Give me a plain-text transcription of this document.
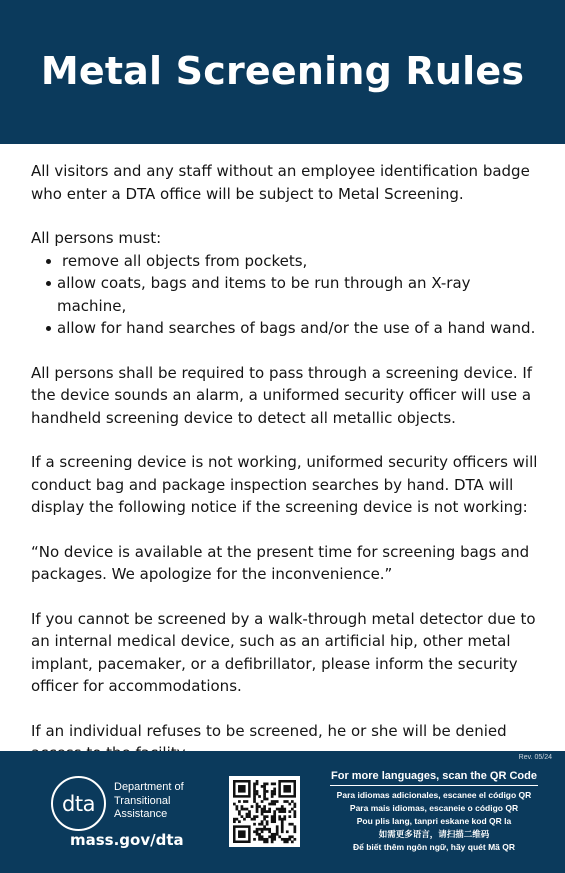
Metal Screening Rules

All visitors and any staff without an employee identification badge who enter a DTA office will be subject to Metal Screening.

All persons must:

remove all objects from pockets,
allow coats, bags and items to be run through an X-ray machine,
allow for hand searches of bags and/or the use of a hand wand.

All persons shall be required to pass through a screening device. If the device sounds an alarm, a uniformed security officer will use a handheld screening device to detect all metallic objects.

If a screening device is not working, uniformed security officers will conduct bag and package inspection searches by hand. DTA will display the following notice if the screening device is not working:

“No device is available at the present time for screening bags and packages. We apologize for the inconvenience.”

If you cannot be screened by a walk-through metal detector due to an internal medical device, such as an artificial hip, other metal implant, pacemaker, or a defibrillator, please inform the security officer for accommodations.

If an individual refuses to be screened, he or she will be denied

Rev. 05/24
dta
Department of
Transitional
Assistance
mass.gov/dta
For more languages, scan the QR Code
Para idiomas adicionales, escanee el código QR
Para mais idiomas, escaneie o código QR
Pou plis lang, tanpri eskane kod QR la
如需更多语言，请扫描二维码
Để biết thêm ngôn ngữ, hãy quét Mã QR
